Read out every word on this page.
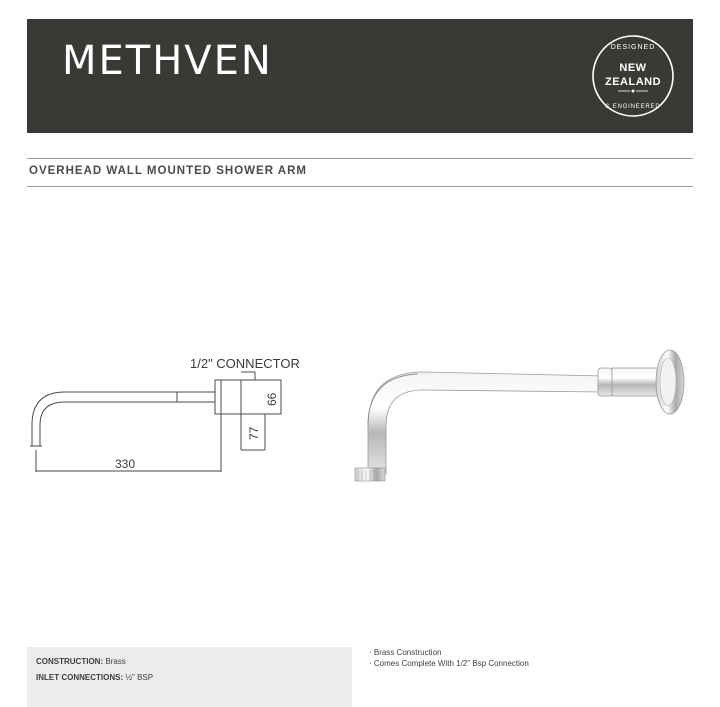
METHVEN	DESIGNED
NEW
ZEALAND
& ENGINEERED
OVERHEAD WALL MOUNTED SHOWER ARM
1/2" CONNECTOR
330
77
66
CONSTRUCTION: Brass
INLET CONNECTIONS: ½" BSP
· Brass Construction
· Comes Complete With 1/2" Bsp Connection
